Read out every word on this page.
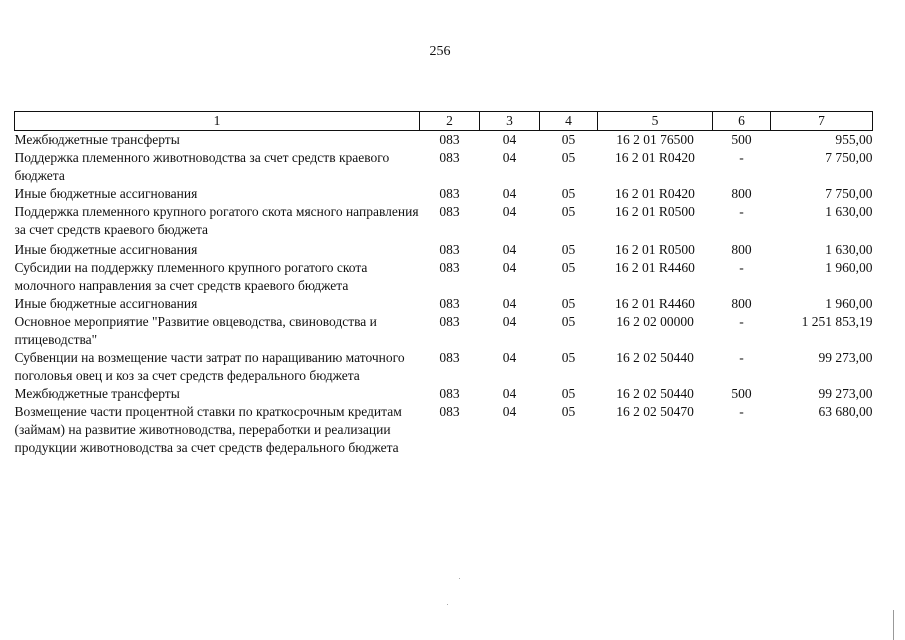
256
1	2	3	4	5	6	7
Межбюджетные трансферты	083	04	05	16 2 01 76500	500	955,00
Поддержка племенного животноводства за счет средств краевого бюджета	083	04	05	16 2 01 R0420	-	7 750,00
Иные бюджетные ассигнования	083	04	05	16 2 01 R0420	800	7 750,00
Поддержка племенного крупного рогатого скота мясного направления за счет средств краевого бюджета	083	04	05	16 2 01 R0500	-	1 630,00
Иные бюджетные ассигнования	083	04	05	16 2 01 R0500	800	1 630,00
Субсидии на поддержку племенного крупного рогатого скота молочного направления за счет средств краевого бюджета	083	04	05	16 2 01 R4460	-	1 960,00
Иные бюджетные ассигнования	083	04	05	16 2 01 R4460	800	1 960,00
Основное мероприятие "Развитие овцеводства, свиноводства и птицеводства"	083	04	05	16 2 02 00000	-	1 251 853,19
Субвенции на возмещение части затрат по наращиванию маточного поголовья овец и коз за счет средств федерального бюджета	083	04	05	16 2 02 50440	-	99 273,00
Межбюджетные трансферты	083	04	05	16 2 02 50440	500	99 273,00
Возмещение части процентной ставки по краткосрочным кредитам (займам) на развитие животноводства, переработки и реализации продукции животноводства за счет средств федерального бюджета	083	04	05	16 2 02 50470	-	63 680,00
